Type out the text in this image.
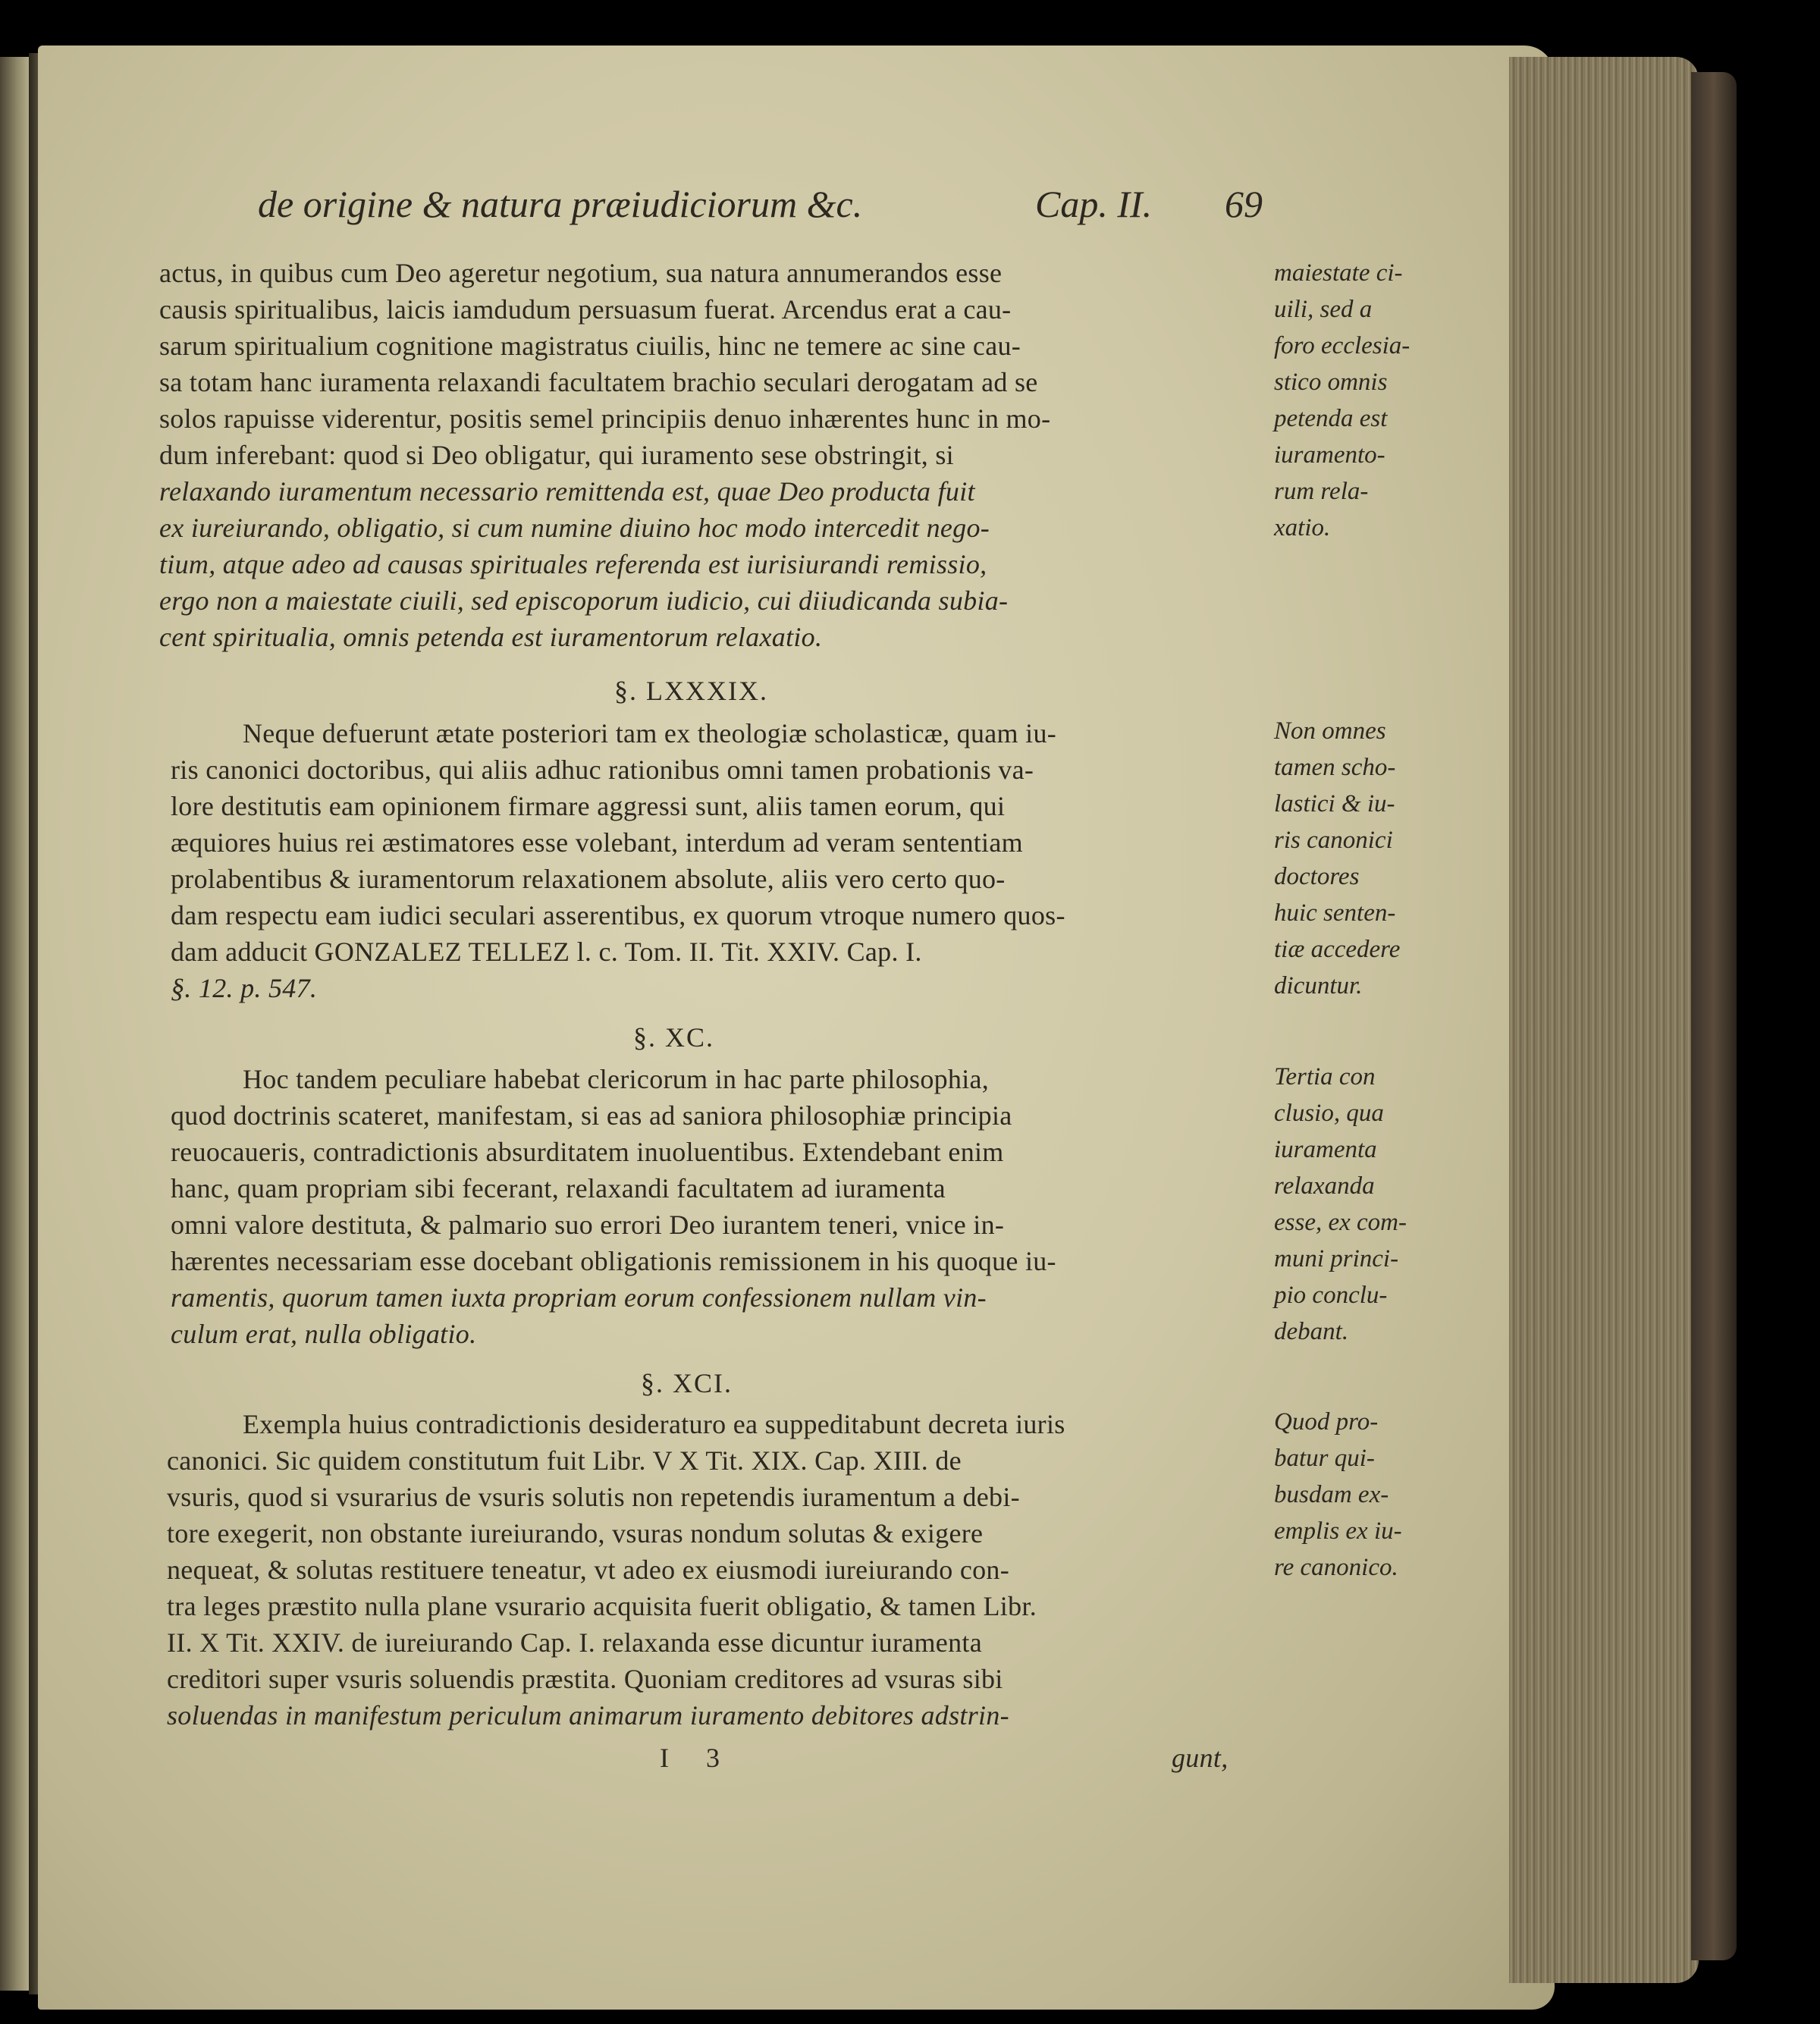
de origine & natura præiudiciorum &c.	Cap. II. 69
actus, in quibus cum Deo ageretur negotium, sua natura annumerandos esse
causis spiritualibus, laicis iamdudum persuasum fuerat. Arcendus erat a cau-
sarum spiritualium cognitione magistratus ciuilis, hinc ne temere ac sine cau-
sa totam hanc iuramenta relaxandi facultatem brachio seculari derogatam ad se
solos rapuisse viderentur, positis semel principiis denuo inhærentes hunc in mo-
dum inferebant: quod si Deo obligatur, qui iuramento sese obstringit, si
relaxando iuramentum necessario remittenda est, quae Deo producta fuit
ex iureiurando, obligatio, si cum numine diuino hoc modo intercedit nego-
tium, atque adeo ad causas spirituales referenda est iurisiurandi remissio,
ergo non a maiestate ciuili, sed episcoporum iudicio, cui diiudicanda subia-
cent spiritualia, omnis petenda est iuramentorum relaxatio.
maiestate ci-
uili, sed a
foro ecclesia-
stico omnis
petenda est
iuramento-
rum rela-
xatio.
§. LXXXIX.
Neque defuerunt ætate posteriori tam ex theologiæ scholasticæ, quam iu-
ris canonici doctoribus, qui aliis adhuc rationibus omni tamen probationis va-
lore destitutis eam opinionem firmare aggressi sunt, aliis tamen eorum, qui
æquiores huius rei æstimatores esse volebant, interdum ad veram sententiam
prolabentibus & iuramentorum relaxationem absolute, aliis vero certo quo-
dam respectu eam iudici seculari asserentibus, ex quorum vtroque numero quos-
dam adducit GONZALEZ TELLEZ l. c. Tom. II. Tit. XXIV. Cap. I.
§. 12. p. 547.
Non omnes
tamen scho-
lastici & iu-
ris canonici
doctores
huic senten-
tiæ accedere
dicuntur.
§. XC.
Hoc tandem peculiare habebat clericorum in hac parte philosophia,
quod doctrinis scateret, manifestam, si eas ad saniora philosophiæ principia
reuocaueris, contradictionis absurditatem inuoluentibus. Extendebant enim
hanc, quam propriam sibi fecerant, relaxandi facultatem ad iuramenta
omni valore destituta, & palmario suo errori Deo iurantem teneri, vnice in-
hærentes necessariam esse docebant obligationis remissionem in his quoque iu-
ramentis, quorum tamen iuxta propriam eorum confessionem nullam vin-
culum erat, nulla obligatio.
Tertia con
clusio, qua
iuramenta
relaxanda
esse, ex com-
muni princi-
pio conclu-
debant.
§. XCI.
Exempla huius contradictionis desideraturo ea suppeditabunt decreta iuris
canonici. Sic quidem constitutum fuit Libr. V X Tit. XIX. Cap. XIII. de
vsuris, quod si vsurarius de vsuris solutis non repetendis iuramentum a debi-
tore exegerit, non obstante iureiurando, vsuras nondum solutas & exigere
nequeat, & solutas restituere teneatur, vt adeo ex eiusmodi iureiurando con-
tra leges præstito nulla plane vsurario acquisita fuerit obligatio, & tamen Libr.
II. X Tit. XXIV. de iureiurando Cap. I. relaxanda esse dicuntur iuramenta
creditori super vsuris soluendis præstita. Quoniam creditores ad vsuras sibi
soluendas in manifestum periculum animarum iuramento debitores adstrin-
Quod pro-
batur qui-
busdam ex-
emplis ex iu-
re canonico.
I 3	gunt,
